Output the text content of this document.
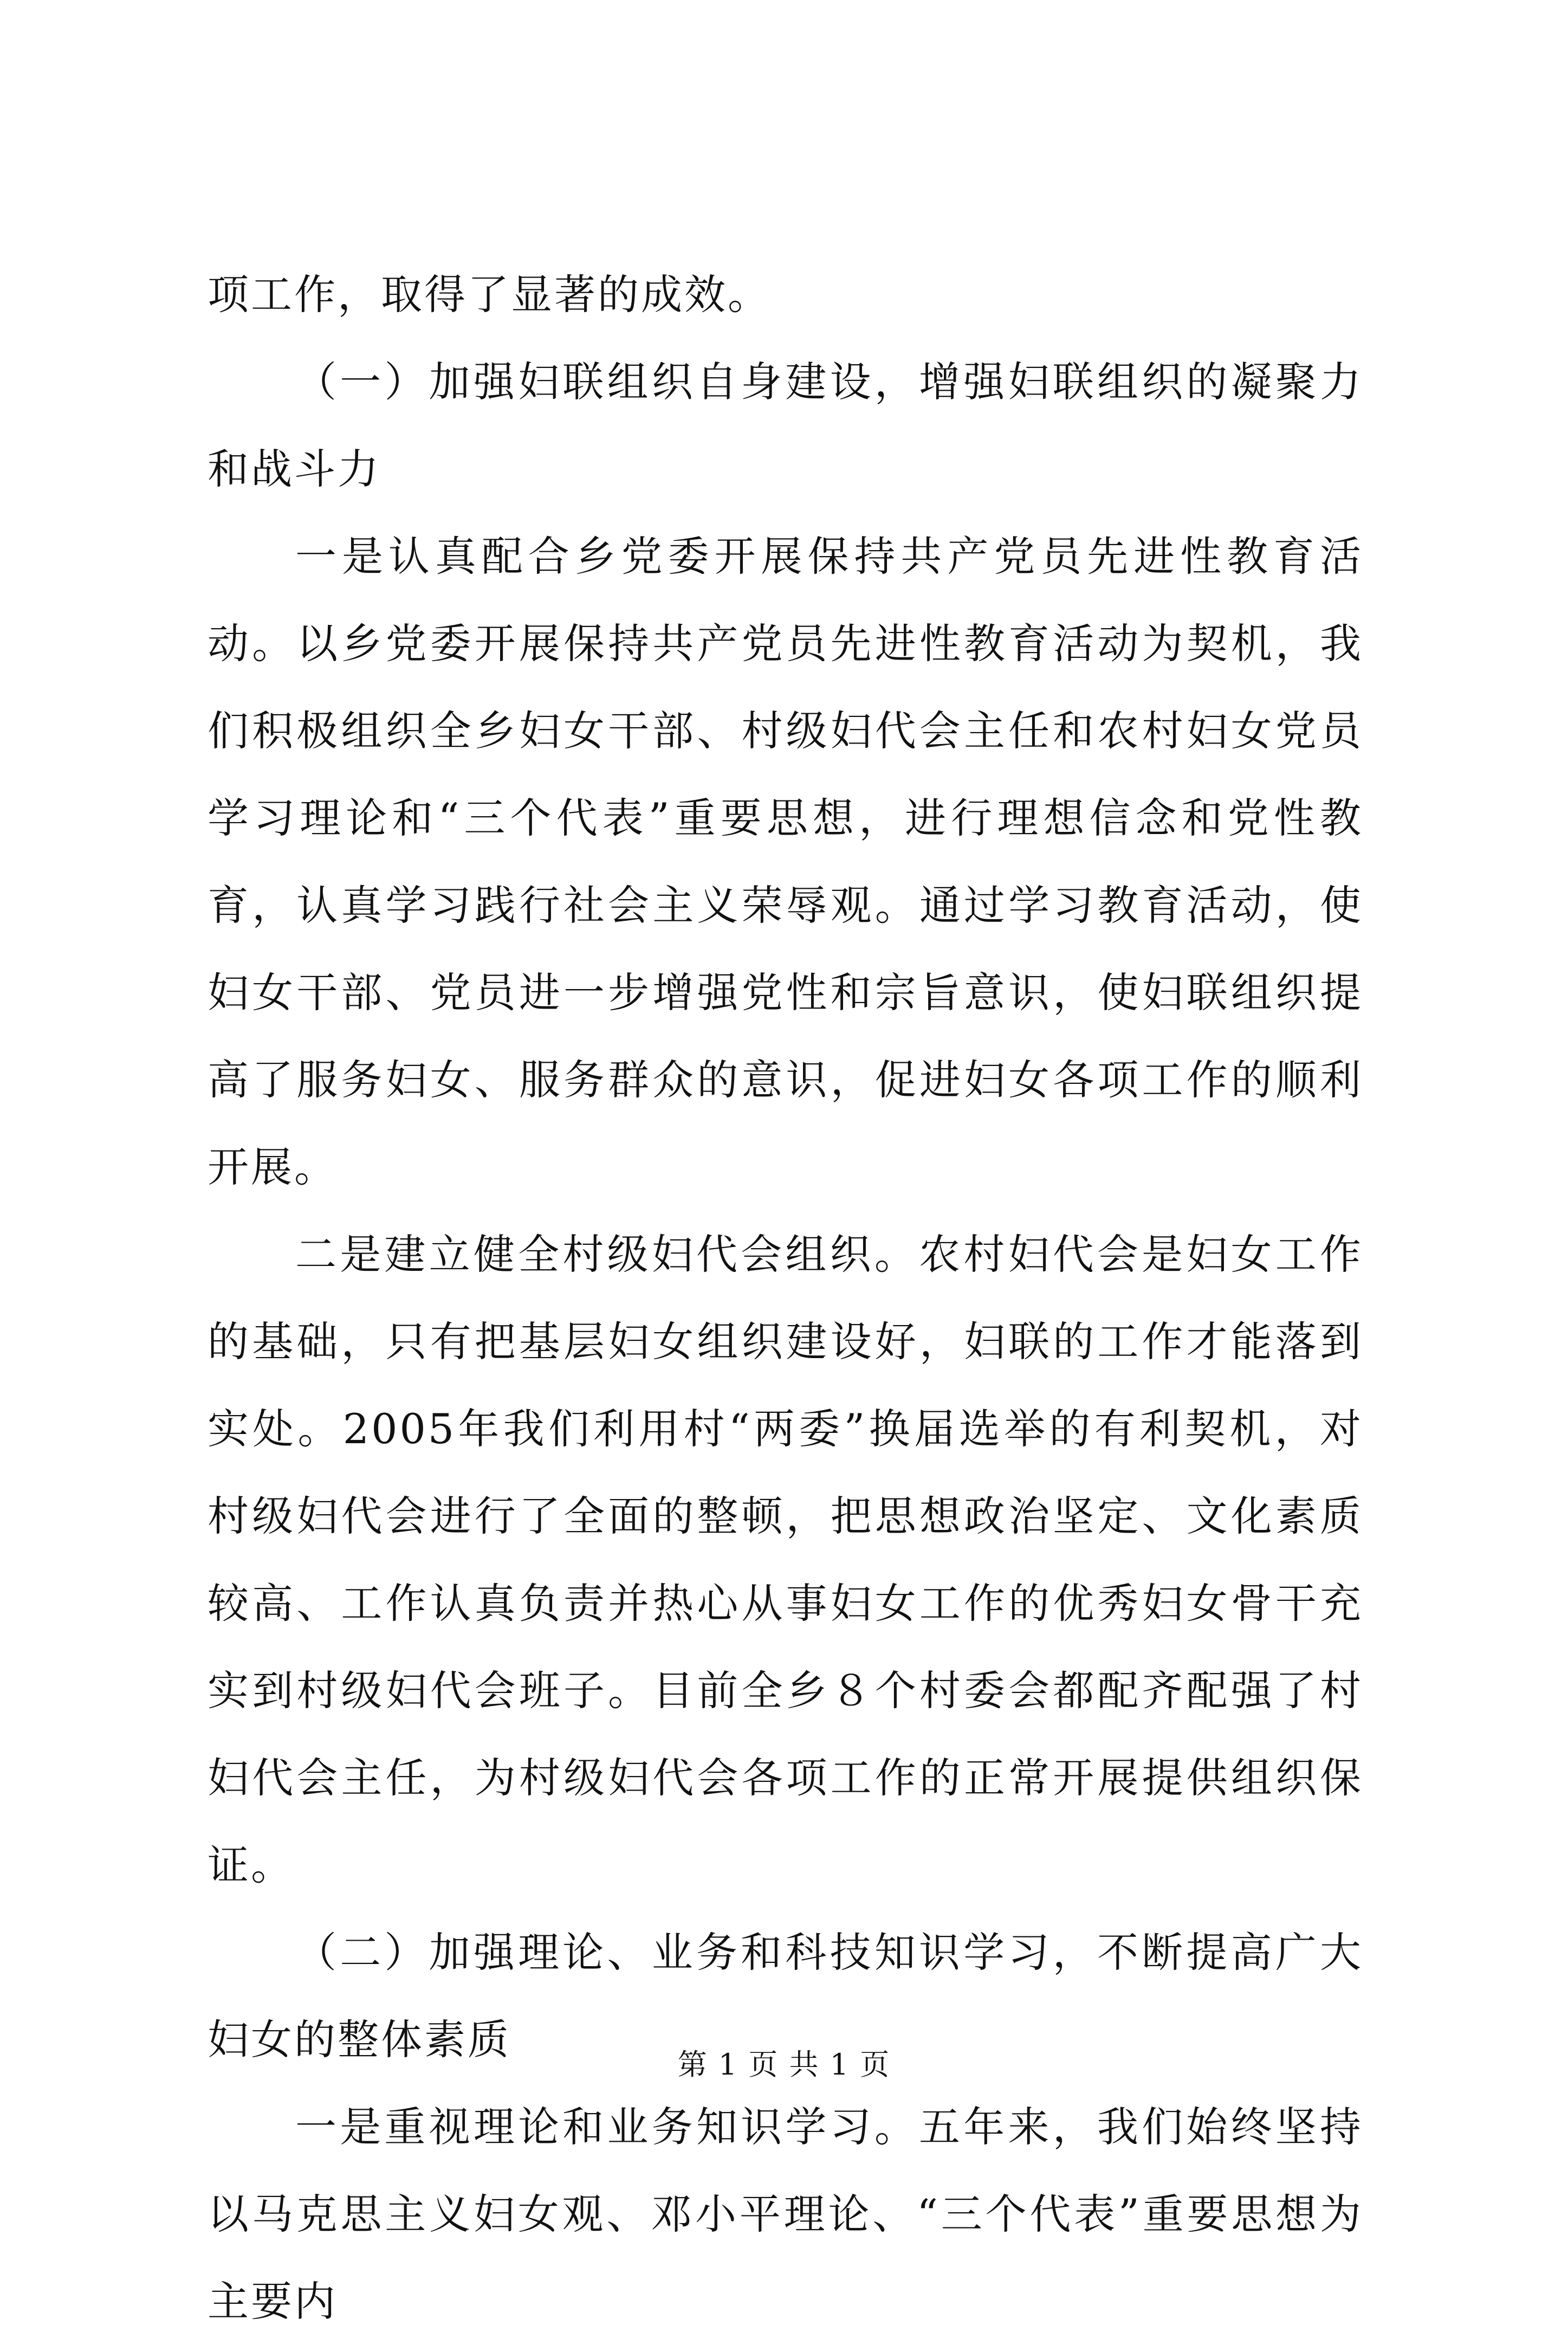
项工作，取得了显著的成效。

（一）加强妇联组织自身建设，增强妇联组织的凝聚力和战斗力

一是认真配合乡党委开展保持共产党员先进性教育活动。以乡党委开展保持共产党员先进性教育活动为契机，我们积极组织全乡妇女干部、村级妇代会主任和农村妇女党员学习理论和“三个代表”重要思想，进行理想信念和党性教育，认真学习践行社会主义荣辱观。通过学习教育活动，使妇女干部、党员进一步增强党性和宗旨意识，使妇联组织提高了服务妇女、服务群众的意识，促进妇女各项工作的顺利开展。

二是建立健全村级妇代会组织。农村妇代会是妇女工作的基础，只有把基层妇女组织建设好，妇联的工作才能落到实处。2005年我们利用村“两委”换届选举的有利契机，对村级妇代会进行了全面的整顿，把思想政治坚定、文化素质较高、工作认真负责并热心从事妇女工作的优秀妇女骨干充实到村级妇代会班子。目前全乡８个村委会都配齐配强了村妇代会主任，为村级妇代会各项工作的正常开展提供组织保证。

（二）加强理论、业务和科技知识学习，不断提高广大妇女的整体素质

一是重视理论和业务知识学习。五年来，我们始终坚持以马克思主义妇女观、邓小平理论、“三个代表”重要思想为主要内

第 1 页 共 1 页
